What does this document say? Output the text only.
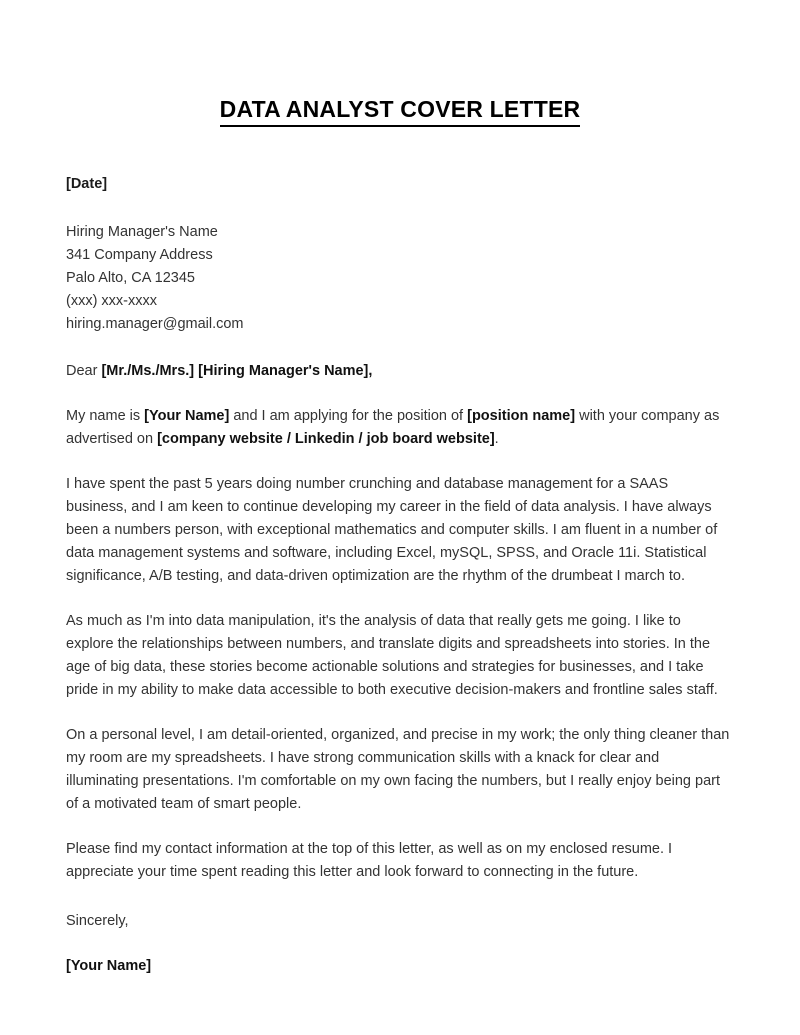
DATA ANALYST COVER LETTER

[Date]

Hiring Manager's Name
341 Company Address
Palo Alto, CA 12345
(xxx) xxx-xxxx
hiring.manager@gmail.com

Dear [Mr./Ms./Mrs.] [Hiring Manager's Name],

My name is [Your Name] and I am applying for the position of [position name] with your company as advertised on [company website / Linkedin / job board website].

I have spent the past 5 years doing number crunching and database management for a SAAS business, and I am keen to continue developing my career in the field of data analysis. I have always been a numbers person, with exceptional mathematics and computer skills. I am fluent in a number of data management systems and software, including Excel, mySQL, SPSS, and Oracle 11i. Statistical significance, A/B testing, and data-driven optimization are the rhythm of the drumbeat I march to.

As much as I'm into data manipulation, it's the analysis of data that really gets me going. I like to explore the relationships between numbers, and translate digits and spreadsheets into stories. In the age of big data, these stories become actionable solutions and strategies for businesses, and I take pride in my ability to make data accessible to both executive decision-makers and frontline sales staff.

On a personal level, I am detail-oriented, organized, and precise in my work; the only thing cleaner than my room are my spreadsheets. I have strong communication skills with a knack for clear and illuminating presentations. I'm comfortable on my own facing the numbers, but I really enjoy being part of a motivated team of smart people.

Please find my contact information at the top of this letter, as well as on my enclosed resume. I appreciate your time spent reading this letter and look forward to connecting in the future.

Sincerely,

[Your Name]
